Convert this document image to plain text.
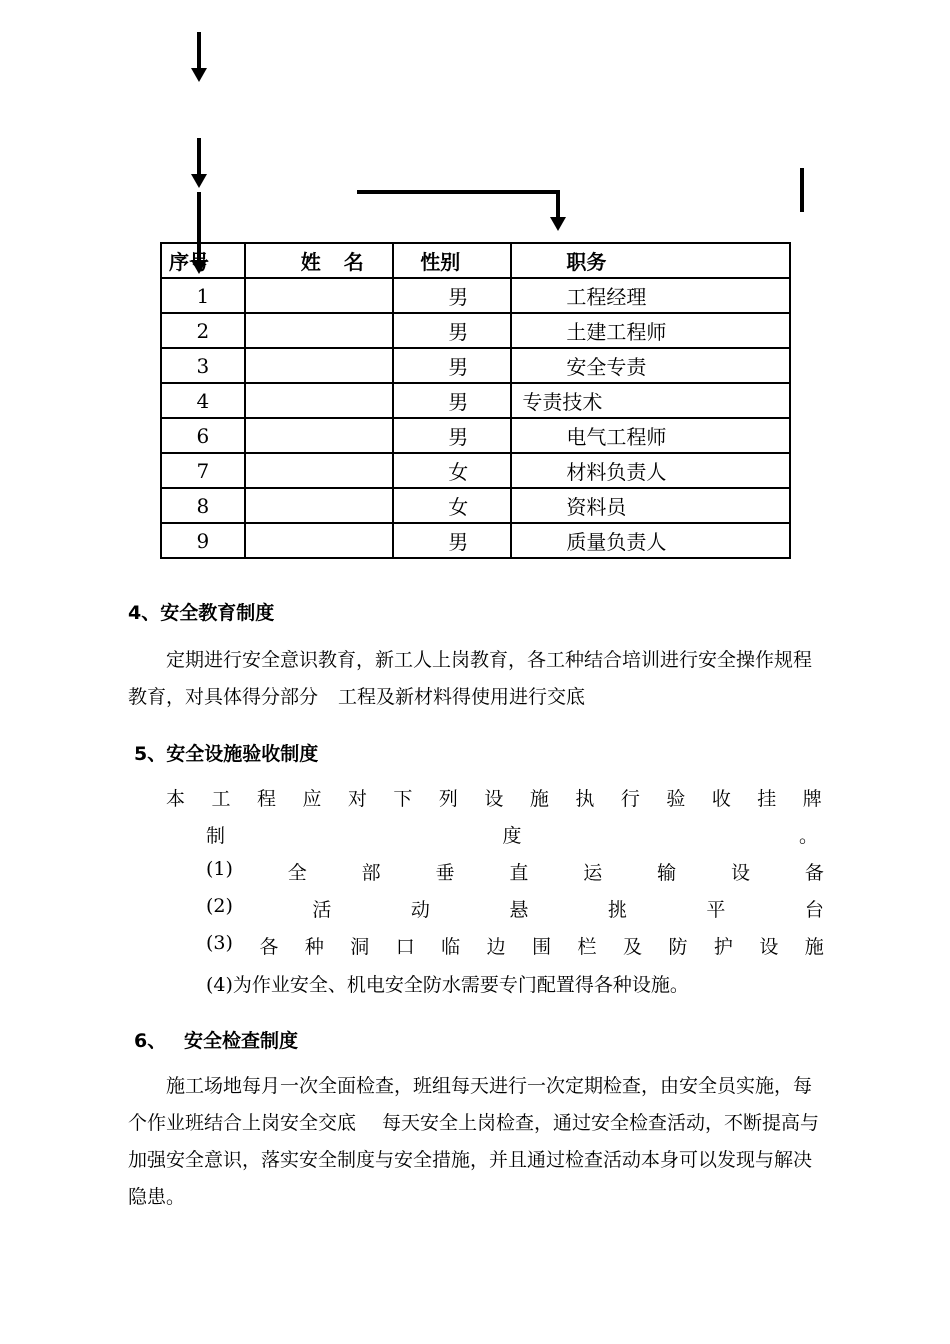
序号	姓 名	性别	职务
1		男	工程经理
2		男	土建工程师
3		男	安全专责
4		男	专责技术
6		男	电气工程师
7		女	材料负责人
8		女	资料员
9		男	质量负责人
4、安全教育制度
定期进行安全意识教育，新工人上岗教育，各工种结合培训进行安全操作规程
教育，对具体得分部分 工程及新材料得使用进行交底
5、安全设施验收制度
本 工 程 应 对 下 列 设 施 执 行 验 收 挂 牌
制	度	。
(1)	全	部	垂	直	运	输	设	备
(2)	活	动	悬	挑	平	台
(3) 各 种 洞 口 临 边 围 栏 及 防 护 设 施
(4)为作业安全、机电安全防水需要专门配置得各种设施。
6、 安全检查制度
施工场地每月一次全面检查，班组每天进行一次定期检查，由安全员实施，每
个作业班结合上岗安全交底 每天安全上岗检查，通过安全检查活动，不断提高与
加强安全意识，落实安全制度与安全措施，并且通过检查活动本身可以发现与解决
隐患。
